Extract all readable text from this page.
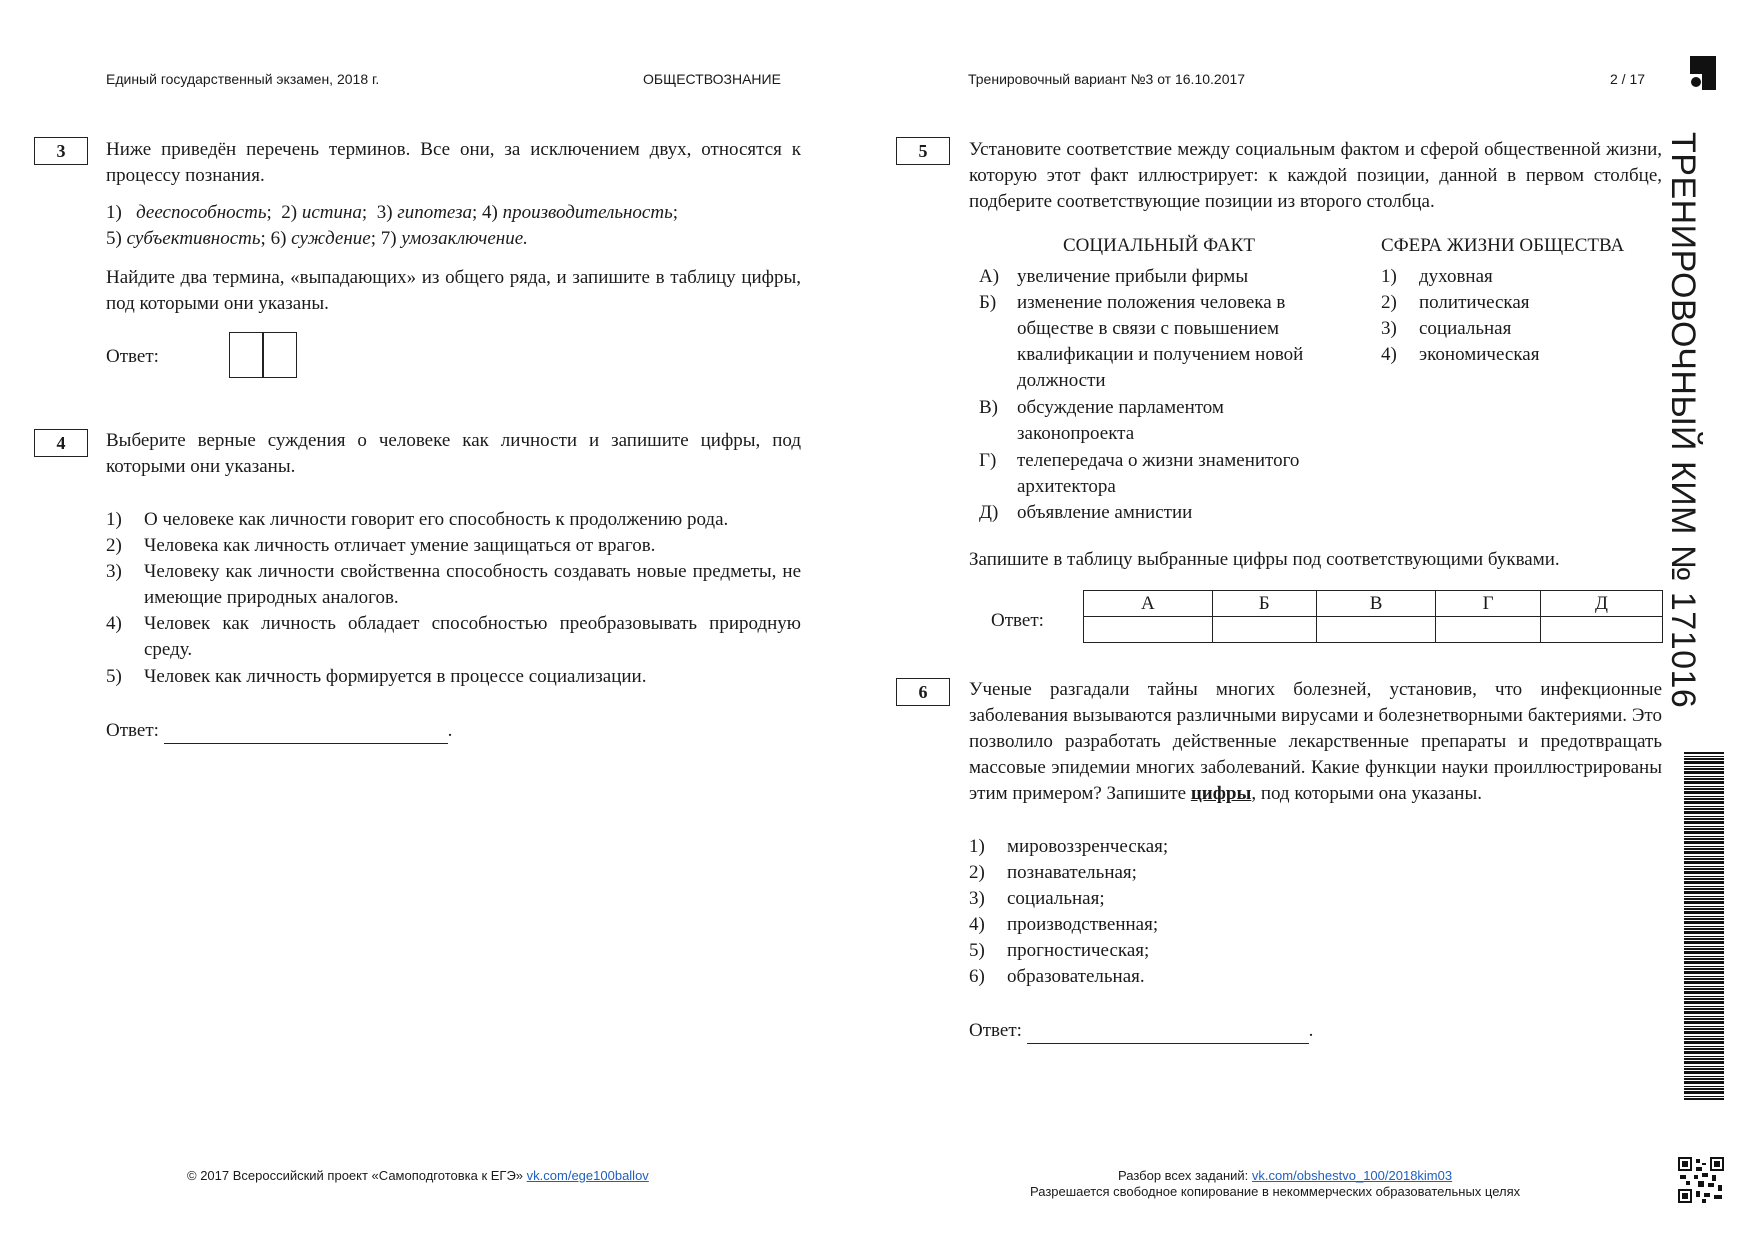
Единый государственный экзамен, 2018 г.	ОБЩЕСТВОЗНАНИЕ	Тренировочный вариант №3 от 16.10.2017	2 / 17
ТРЕНИРОВОЧНЫЙ КИМ № 171016
3	Ниже приведён перечень терминов. Все они, за исключением двух, относятся к процессу познания.
1) дееспособность;  2) истина;  3) гипотеза; 4) производительность;
5) субъективность; 6) суждение; 7) умозаключение.
Найдите два термина, «выпадающих» из общего ряда, и запишите в таблицу цифры, под которыми они указаны.
Ответ:
4	Выберите верные суждения о человеке как личности и запишите цифры, под которыми они указаны.
1) О человеке как личности говорит его способность к продолжению рода.
2) Человека как личность отличает умение защищаться от врагов.
3) Человеку как личности свойственна способность создавать новые предметы, не имеющие природных аналогов.
4) Человек как личность обладает способностью преобразовывать природную среду.
5) Человек как личность формируется в процессе социализации.
Ответ:	.
5	Установите соответствие между социальным фактом и сферой общественной жизни, которую этот факт иллюстрирует: к каждой позиции, данной в первом столбце, подберите соответствующие позиции из второго столбца.
СОЦИАЛЬНЫЙ ФАКТ	СФЕРА ЖИЗНИ ОБЩЕСТВА
А) увеличение прибыли фирмы
Б) изменение положения человека в обществе в связи с повышением квалификации и получением новой должности
В) обсуждение парламентом законопроекта
Г) телепередача о жизни знаменитого архитектора
Д) объявление амнистии
1) духовная
2) политическая
3) социальная
4) экономическая
Запишите в таблицу выбранные цифры под соответствующими буквами.
Ответ:
А	Б	В	Г	Д

6	Ученые разгадали тайны многих болезней, установив, что инфекционные заболевания вызываются различными вирусами и болезнетворными бактериями. Это позволило разработать действенные лекарственные препараты и предотвращать массовые эпидемии многих заболеваний. Какие функции науки проиллюстрированы этим примером? Запишите цифры, под которыми она указаны.
1) мировоззренческая;
2) познавательная;
3) социальная;
4) производственная;
5) прогностическая;
6) образовательная.
Ответ:	.
© 2017 Всероссийский проект «Самоподготовка к ЕГЭ» vk.com/ege100ballov	Разбор всех заданий: vk.com/obshestvo_100/2018kim03
Разрешается свободное копирование в некоммерческих образовательных целях
